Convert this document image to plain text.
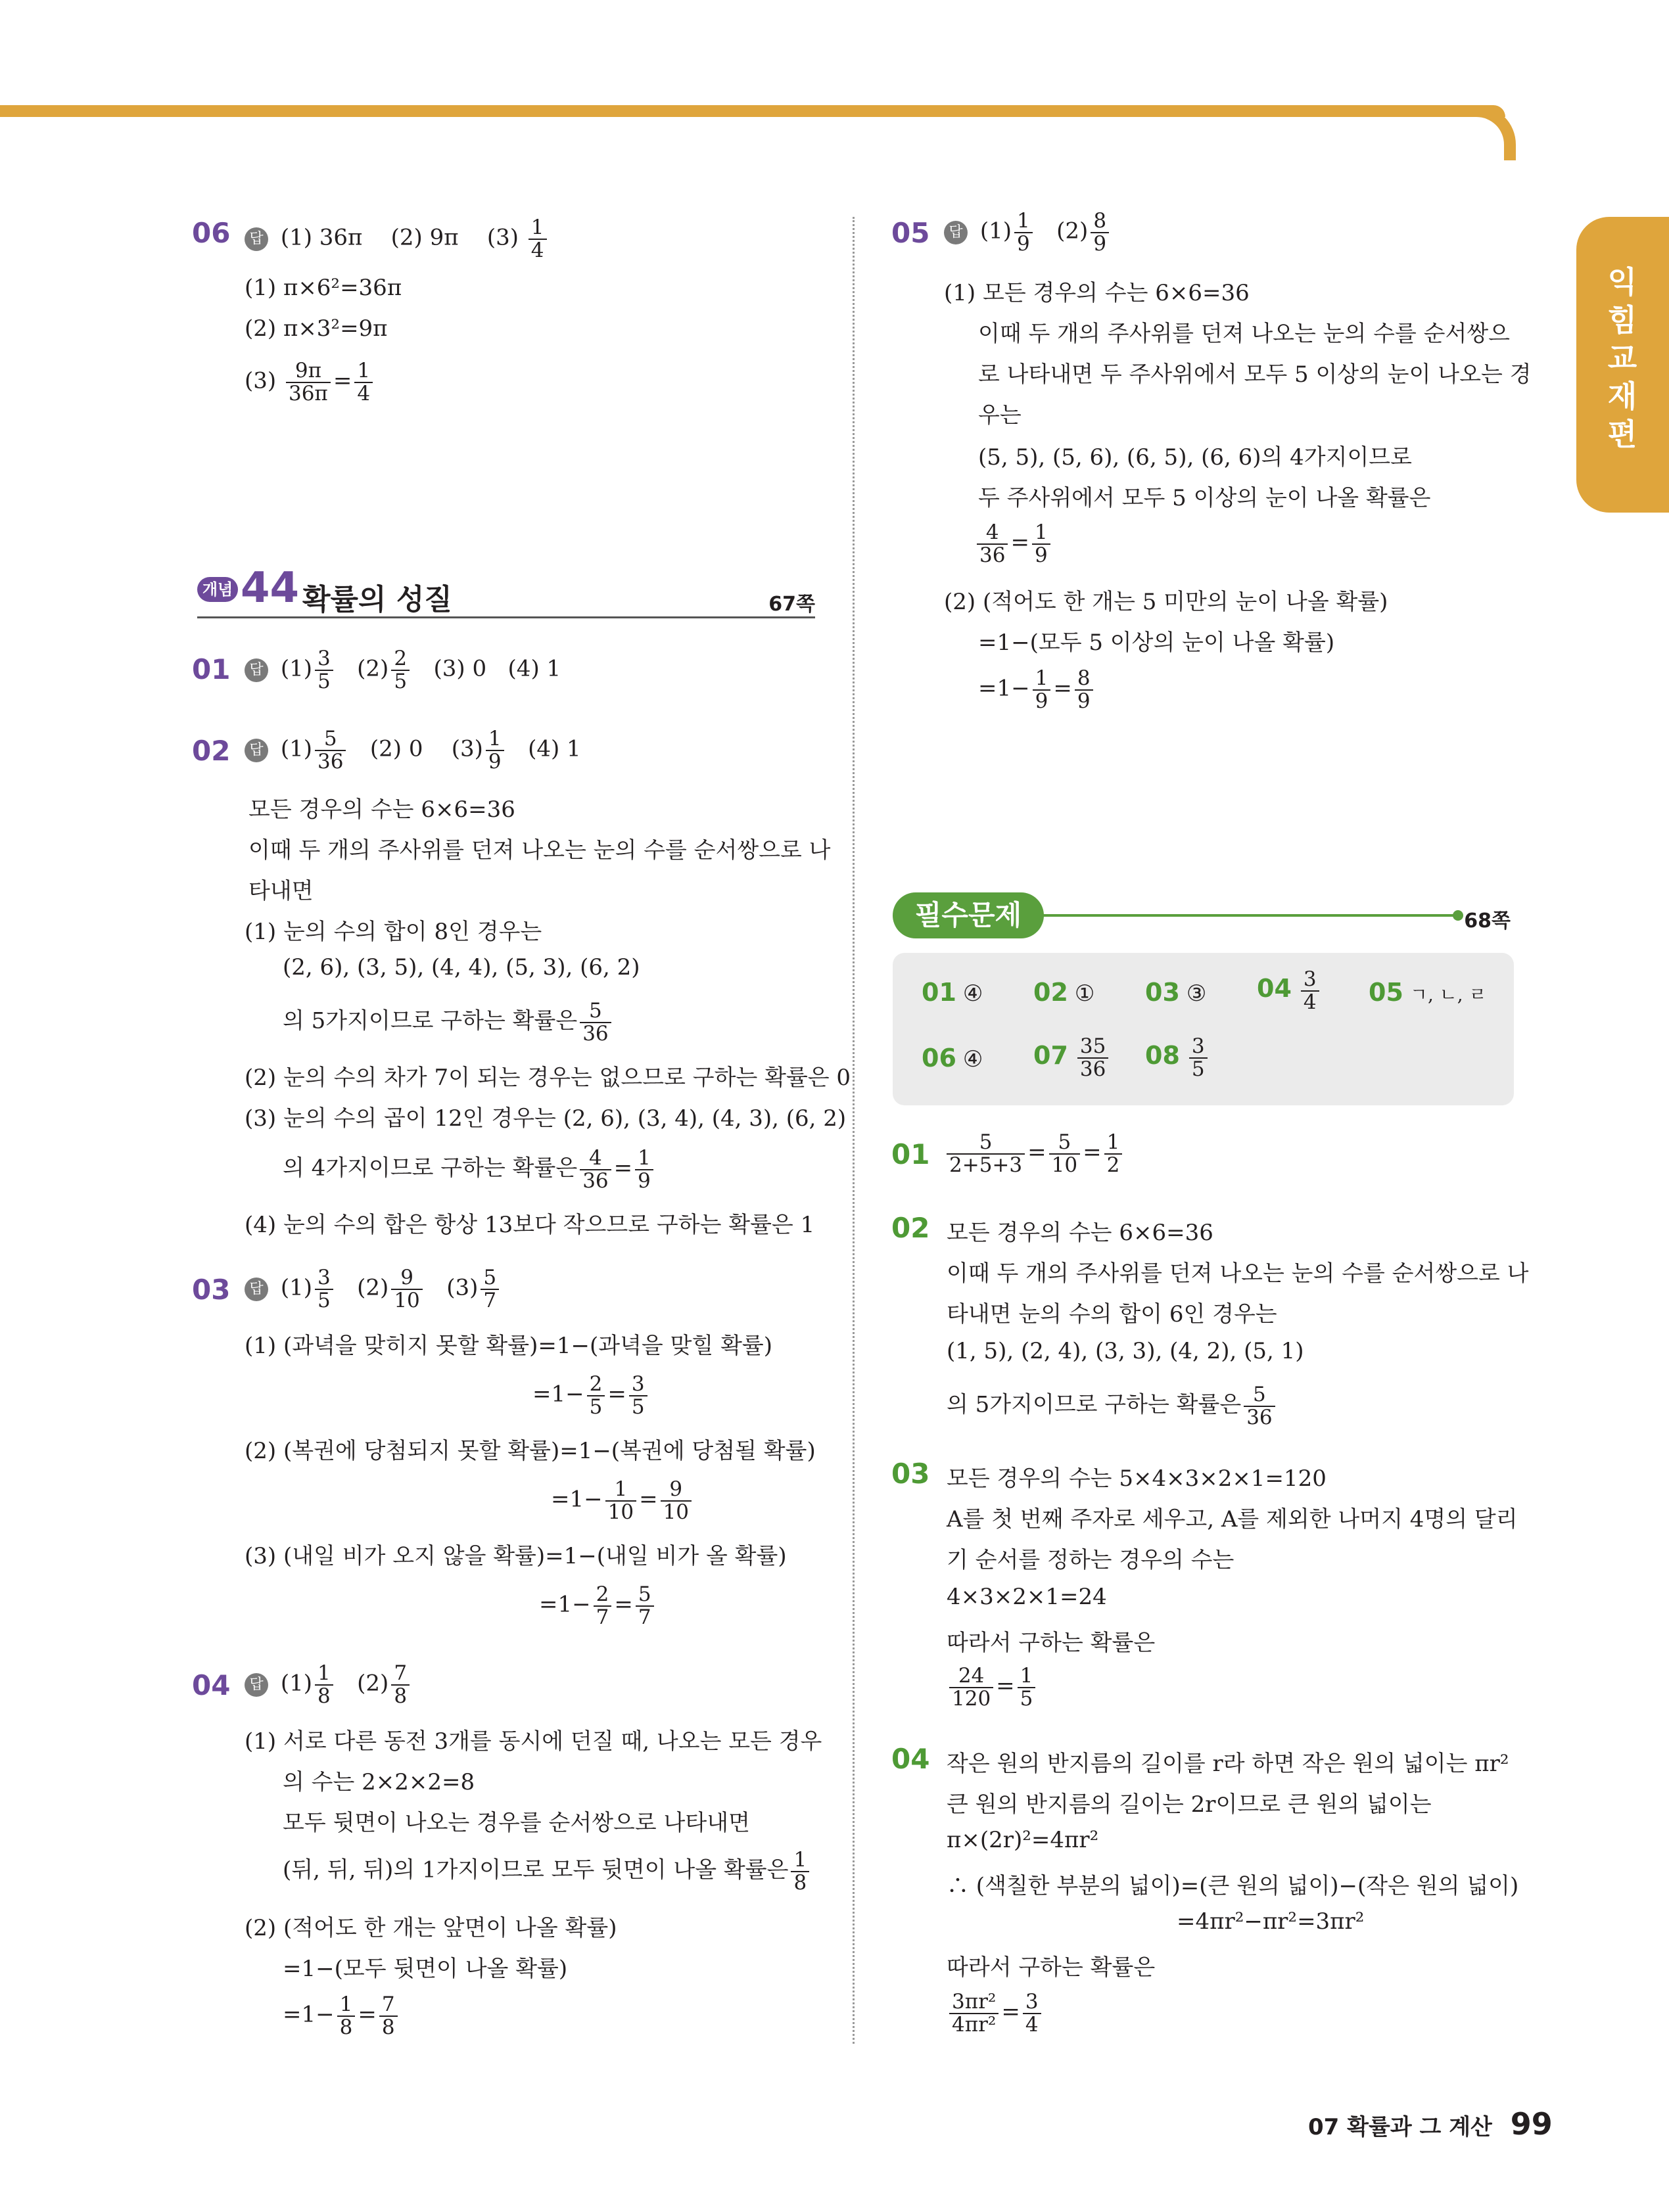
익힘교재편
06	답 (1) 36π (2) 9π $(3) \frac{1}{4}$
(1) π×6²=36π
(2) π×3²=9π
$(3) \frac{9\pi}{36\pi} = \frac{1}{4}$
개념 44 확률의 성질	67쪽
01	답 $(1) \frac{3}{5} (2) \frac{2}{5} (3)$ 0 (4) 1
02	답 $(1) \frac{5}{36} (2)$ 0 $(3) \frac{1}{9} (4)$ 1
모든 경우의 수는 6×6=36
이때 두 개의 주사위를 던져 나오는 눈의 수를 순서쌍으로 나
타내면
(1) 눈의 수의 합이 8인 경우는
(2, 6), (3, 5), (4, 4), (5, 3), (6, 2)
의 5가지이므로 구하는 확률은 $\frac{5}{36}$
(2) 눈의 수의 차가 7이 되는 경우는 없으므로 구하는 확률은 0
(3) 눈의 수의 곱이 12인 경우는 (2, 6), (3, 4), (4, 3), (6, 2)
의 4가지이므로 구하는 확률은 $\frac{4}{36} = \frac{1}{9}$
(4) 눈의 수의 합은 항상 13보다 작으므로 구하는 확률은 1
03	답 $(1) \frac{3}{5} (2) \frac{9}{10} (3) \frac{5}{7}$
(1) (과녁을 맞히지 못할 확률)=1−(과녁을 맞힐 확률)
$=1- \frac{2}{5} = \frac{3}{5}$
(2) (복권에 당첨되지 못할 확률)=1−(복권에 당첨될 확률)
$=1- \frac{1}{10} = \frac{9}{10}$
(3) (내일 비가 오지 않을 확률)=1−(내일 비가 올 확률)
$=1- \frac{2}{7} = \frac{5}{7}$
04	답 $(1) \frac{1}{8} (2) \frac{7}{8}$
(1) 서로 다른 동전 3개를 동시에 던질 때, 나오는 모든 경우
의 수는 2×2×2=8
모두 뒷면이 나오는 경우를 순서쌍으로 나타내면
(뒤, 뒤, 뒤)의 1가지이므로 모두 뒷면이 나올 확률은 $\frac{1}{8}$
(2) (적어도 한 개는 앞면이 나올 확률)
=1−(모두 뒷면이 나올 확률)
$=1- \frac{1}{8} = \frac{7}{8}$
05	답 $(1) \frac{1}{9} (2) \frac{8}{9}$
(1) 모든 경우의 수는 6×6=36
이때 두 개의 주사위를 던져 나오는 눈의 수를 순서쌍으
로 나타내면 두 주사위에서 모두 5 이상의 눈이 나오는 경
우는
(5, 5), (5, 6), (6, 5), (6, 6)의 4가지이므로
두 주사위에서 모두 5 이상의 눈이 나올 확률은
$\frac{4}{36} = \frac{1}{9}$
(2) (적어도 한 개는 5 미만의 눈이 나올 확률)
=1−(모두 5 이상의 눈이 나올 확률)
$=1- \frac{1}{9} = \frac{8}{9}$
필수문제	68쪽
01 ④ 02 ① 03 ③ $04 \frac{3}{4} 05$ ㄱ, ㄴ, ㄹ
06 ④ $07 \frac{35}{36} 08 \frac{3}{5}$
$01 \frac{5}{2+5+3} = \frac{5}{10} = \frac{1}{2}$
02 모든 경우의 수는 6×6=36
이때 두 개의 주사위를 던져 나오는 눈의 수를 순서쌍으로 나
타내면 눈의 수의 합이 6인 경우는
(1, 5), (2, 4), (3, 3), (4, 2), (5, 1)
의 5가지이므로 구하는 확률은 $\frac{5}{36}$
03 모든 경우의 수는 5×4×3×2×1=120
A를 첫 번째 주자로 세우고, A를 제외한 나머지 4명의 달리
기 순서를 정하는 경우의 수는
4×3×2×1=24
따라서 구하는 확률은
$\frac{24}{120} = \frac{1}{5}$
04 작은 원의 반지름의 길이를 r라 하면 작은 원의 넓이는 πr²
큰 원의 반지름의 길이는 2r이므로 큰 원의 넓이는
π×(2r)²=4πr²
∴ (색칠한 부분의 넓이)=(큰 원의 넓이)−(작은 원의 넓이)
=4πr²−πr²=3πr²
따라서 구하는 확률은
$\frac{\text{3πr²}}{\text{4πr²}} = \frac{3}{4}$
07 확률과 그 계산 99
